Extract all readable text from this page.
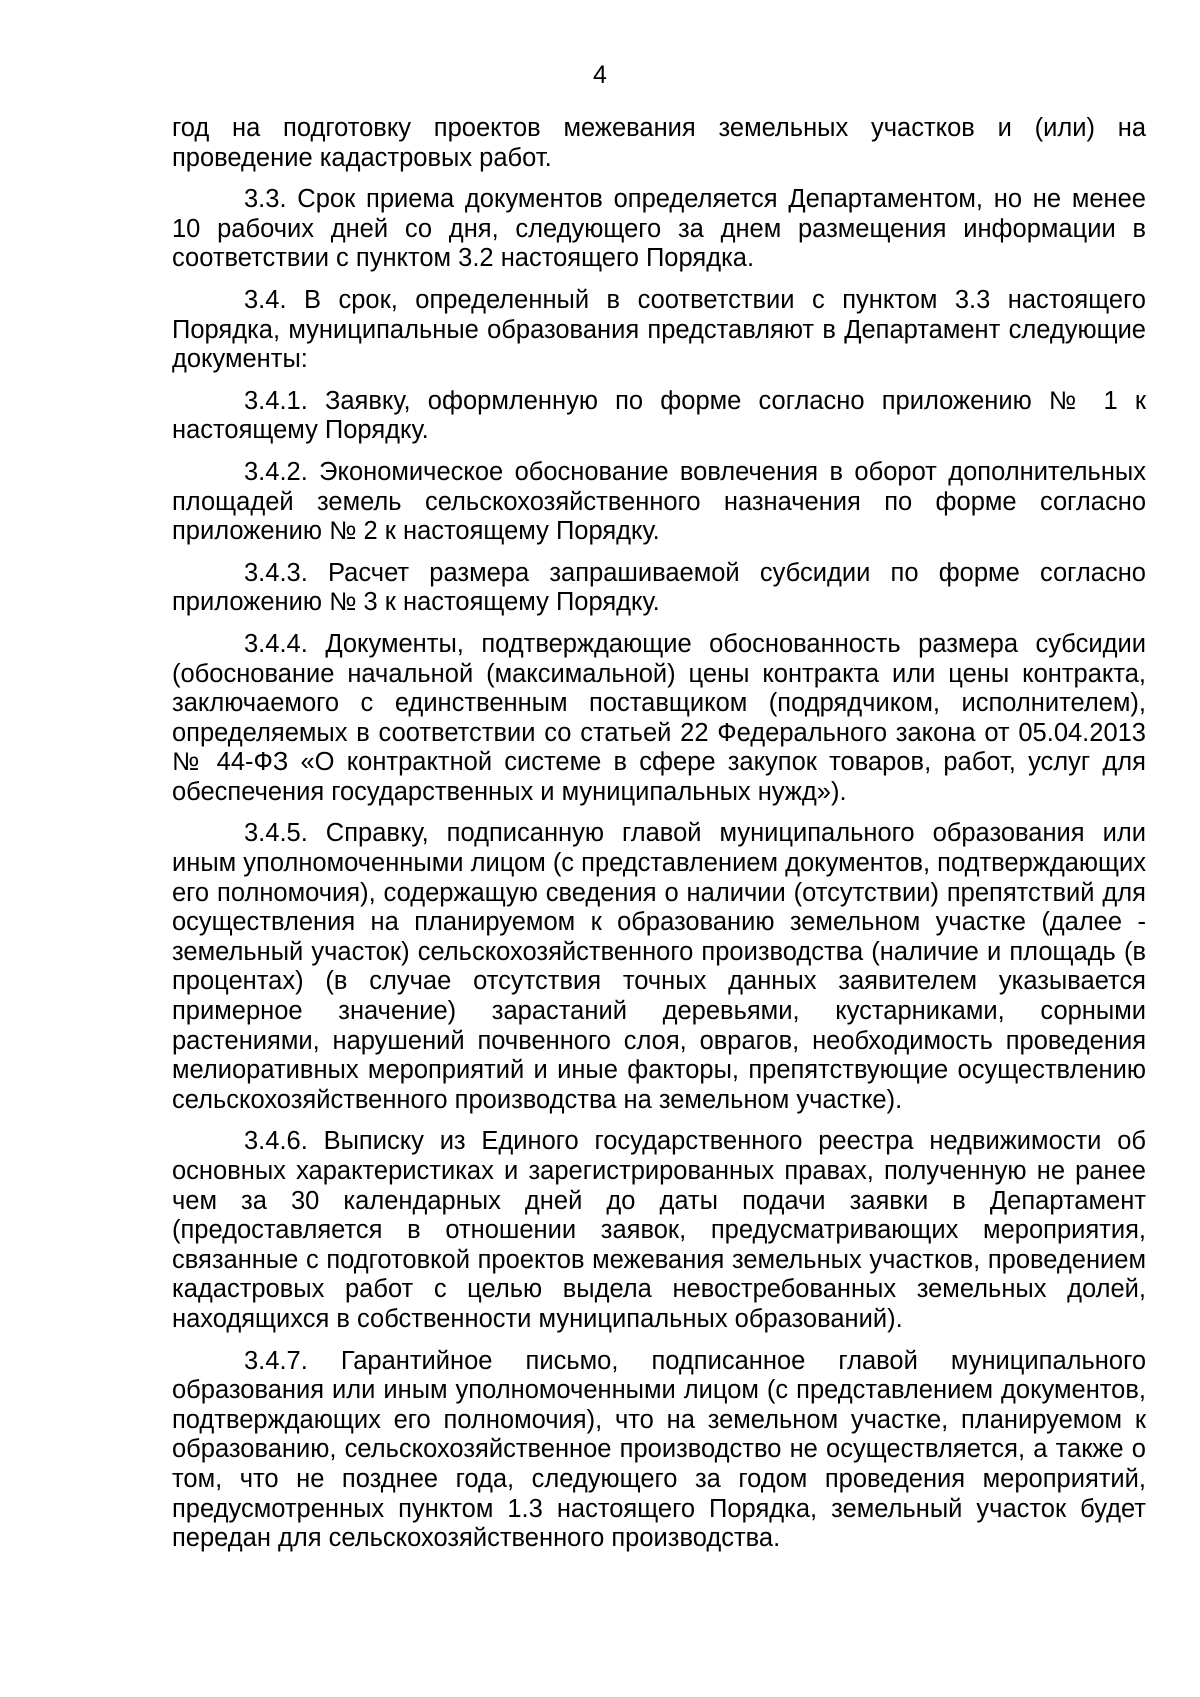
4

год на подготовку проектов межевания земельных участков и (или) на проведение кадастровых работ.

3.3. Срок приема документов определяется Департаментом, но не менее 10 рабочих дней со дня, следующего за днем размещения информации в соответствии с пунктом 3.2 настоящего Порядка.

3.4. В срок, определенный в соответствии с пунктом 3.3 настоящего Порядка, муниципальные образования представляют в Департамент следующие документы:

3.4.1. Заявку, оформленную по форме согласно приложению № 1 к настоящему Порядку.

3.4.2. Экономическое обоснование вовлечения в оборот дополнительных площадей земель сельскохозяйственного назначения по форме согласно приложению № 2 к настоящему Порядку.

3.4.3. Расчет размера запрашиваемой субсидии по форме согласно приложению № 3 к настоящему Порядку.

3.4.4. Документы, подтверждающие обоснованность размера субсидии (обоснование начальной (максимальной) цены контракта или цены контракта, заключаемого с единственным поставщиком (подрядчиком, исполнителем), определяемых в соответствии со статьей 22 Федерального закона от 05.04.2013 № 44-ФЗ «О контрактной системе в сфере закупок товаров, работ, услуг для обеспечения государственных и муниципальных нужд»).

3.4.5. Справку, подписанную главой муниципального образования или иным уполномоченными лицом (с представлением документов, подтверждающих его полномочия), содержащую сведения о наличии (отсутствии) препятствий для осуществления на планируемом к образованию земельном участке (далее - земельный участок) сельскохозяйственного производства (наличие и площадь (в процентах) (в случае отсутствия точных данных заявителем указывается примерное значение) зарастаний деревьями, кустарниками, сорными растениями, нарушений почвенного слоя, оврагов, необходимость проведения мелиоративных мероприятий и иные факторы, препятствующие осуществлению сельскохозяйственного производства на земельном участке).

3.4.6. Выписку из Единого государственного реестра недвижимости об основных характеристиках и зарегистрированных правах, полученную не ранее чем за 30 календарных дней до даты подачи заявки в Департамент (предоставляется в отношении заявок, предусматривающих мероприятия, связанные с подготовкой проектов межевания земельных участков, проведением кадастровых работ с целью выдела невостребованных земельных долей, находящихся в собственности муниципальных образований).

3.4.7. Гарантийное письмо, подписанное главой муниципального образования или иным уполномоченными лицом (с представлением документов, подтверждающих его полномочия), что на земельном участке, планируемом к образованию, сельскохозяйственное производство не осуществляется, а также о том, что не позднее года, следующего за годом проведения мероприятий, предусмотренных пунктом 1.3 настоящего Порядка, земельный участок будет передан для сельскохозяйственного производства.
